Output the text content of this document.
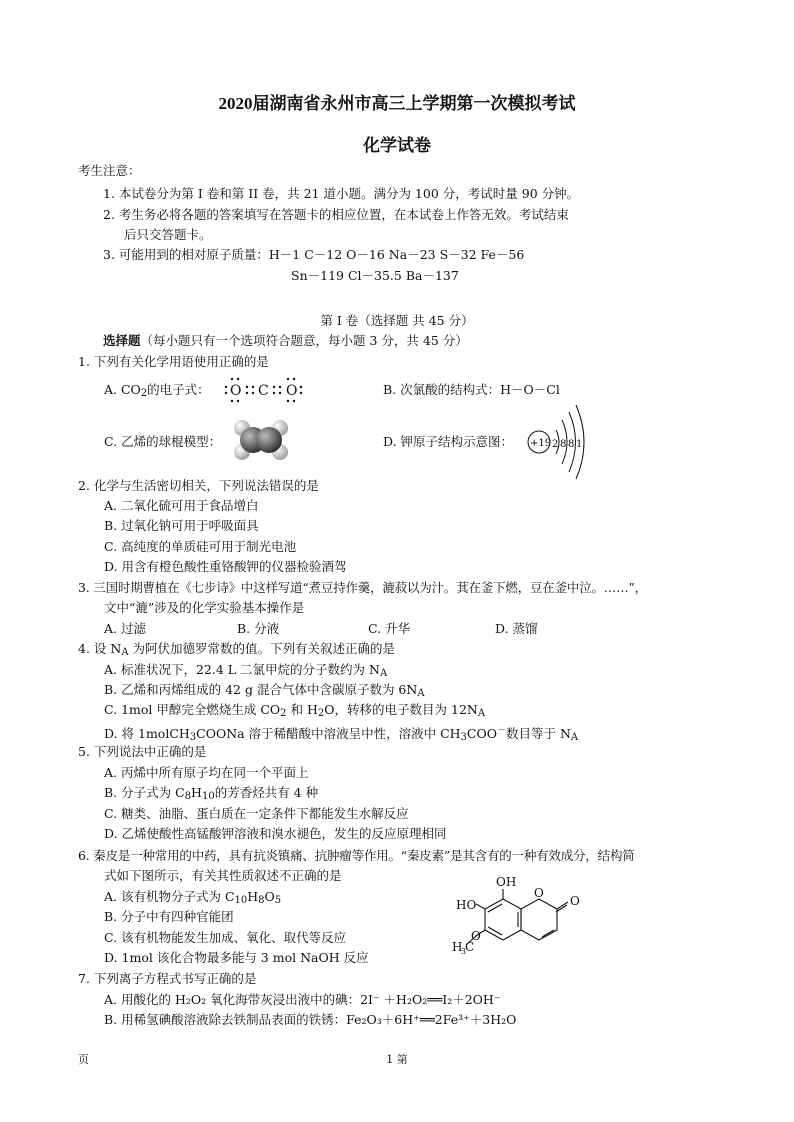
2020届湖南省永州市高三上学期第一次模拟考试
化学试卷
考生注意：
1. 本试卷分为第 I 卷和第 II 卷，共 21 道小题。满分为 100 分，考试时量 90 分钟。
2. 考生务必将各题的答案填写在答题卡的相应位置，在本试卷上作答无效。考试结束
后只交答题卡。
3. 可能用到的相对原子质量：H－1 C－12 O－16 Na－23 S－32 Fe－56
Sn－119 Cl－35.5 Ba－137
第 I 卷（选择题 共 45 分）
选择题（每小题只有一个选项符合题意，每小题 3 分，共 45 分）
1. 下列有关化学用语使用正确的是
A. $CO_2$的电子式： O C O	B. 次氯酸的结构式：H－O－Cl
C. 乙烯的球棍模型：	D. 钾原子结构示意图： +19 2 8 8 1
2. 化学与生活密切相关，下列说法错误的是
A. 二氧化硫可用于食品增白
B. 过氧化钠可用于呼吸面具
C. 高纯度的单质硅可用于制光电池
D. 用含有橙色酸性重铬酸钾的仪器检验酒驾
3. 三国时期曹植在《七步诗》中这样写道“煮豆持作羹，漉菽以为汁。萁在釜下燃，豆在釜中泣。……”，
文中“漉”涉及的化学实验基本操作是
A. 过滤	B. 分液	C. 升华	D. 蒸馏
4. 设 $N_A$ 为阿伏加德罗常数的值。下列有关叙述正确的是
A. 标准状况下，22.4 L 二氯甲烷的分子数约为 $N_A$
B. 乙烯和丙烯组成的 42 g 混合气体中含碳原子数为 $6N_A$
C. 1mol 甲醇完全燃烧生成 $CO_2$ 和 $H_2O$，转移的电子数目为 $12N_A$
D. 将 1molCH$_3$COONa 溶于稀醋酸中溶液呈中性，溶液中 $CH_3COO^-$数目等于 $N_A$
5. 下列说法中正确的是
A. 丙烯中所有原子均在同一个平面上
B. 分子式为 $C_8H_{10}$的芳香烃共有 4 种
C. 糖类、油脂、蛋白质在一定条件下都能发生水解反应
D. 乙烯使酸性高锰酸钾溶液和溴水褪色，发生的反应原理相同
6. 秦皮是一种常用的中药，具有抗炎镇痛、抗肿瘤等作用。“秦皮素”是其含有的一种有效成分，结构简
式如下图所示，有关其性质叙述不正确的是
A. 该有机物分子式为 $C_{10}H_8O_5$
B. 分子中有四种官能团
C. 该有机物能发生加成、氧化、取代等反应
D. 1mol 该化合物最多能与 3 mol NaOH 反应
OH
HO
O
O
H
3
C
O
7. 下列离子方程式书写正确的是
A. 用酸化的 H₂O₂ 氧化海带灰浸出液中的碘：2I⁻ ＋H₂O₂══I₂＋2OH⁻
B. 用稀氢碘酸溶液除去铁制品表面的铁锈：Fe₂O₃＋6H⁺══2Fe³⁺＋3H₂O
页	1 第
